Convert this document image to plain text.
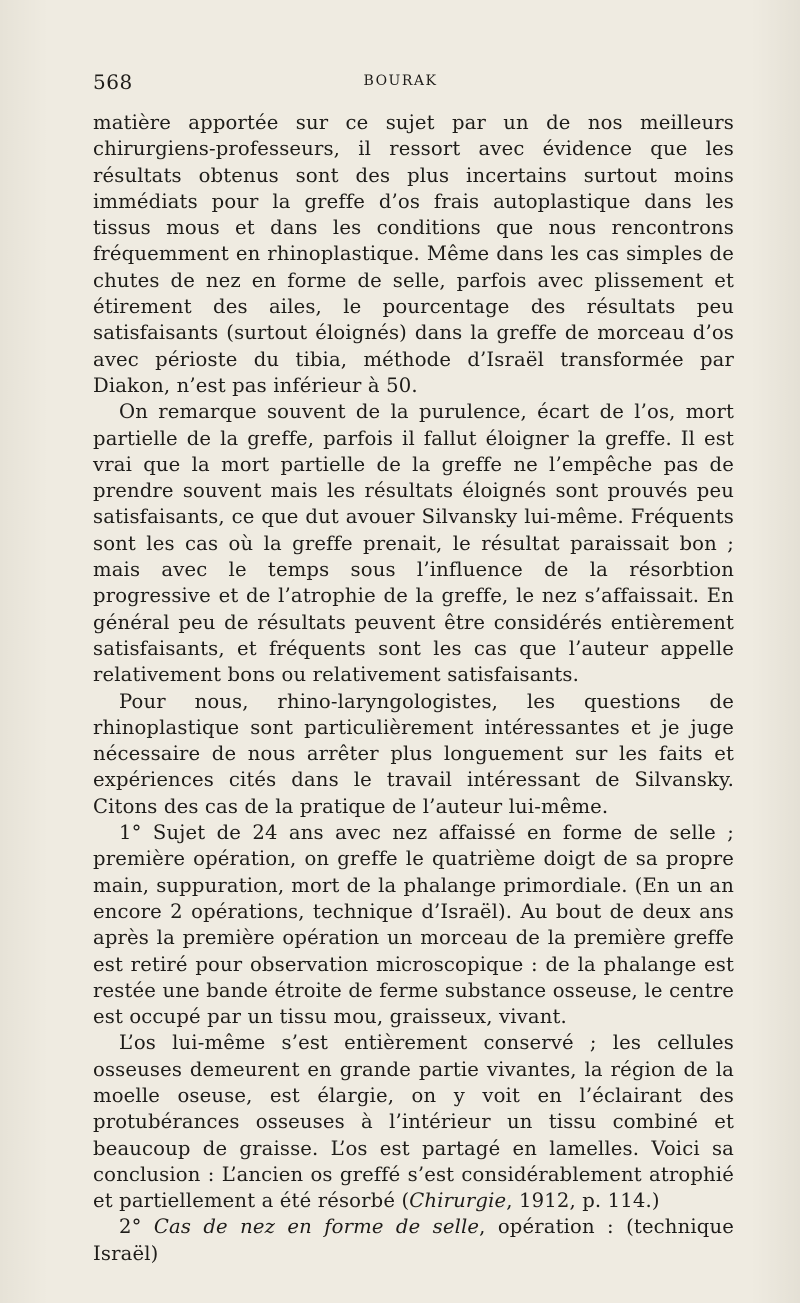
568	BOURAK

matière apportée sur ce sujet par un de nos meilleurs chirurgiens-professeurs, il ressort avec évidence que les résultats obtenus sont des plus incertains surtout moins immédiats pour la greffe d’os frais autoplastique dans les tissus mous et dans les conditions que nous rencontrons fréquemment en rhinoplastique. Même dans les cas simples de chutes de nez en forme de selle, parfois avec plissement et étirement des ailes, le pourcentage des résultats peu satisfaisants (surtout éloignés) dans la greffe de morceau d’os avec périoste du tibia, méthode d’Israël transformée par Diakon, n’est pas inférieur à 50.

On remarque souvent de la purulence, écart de l’os, mort partielle de la greffe, parfois il fallut éloigner la greffe. Il est vrai que la mort partielle de la greffe ne l’empêche pas de prendre souvent mais les résultats éloignés sont prouvés peu satisfaisants, ce que dut avouer Silvansky lui-même. Fréquents sont les cas où la greffe prenait, le résultat paraissait bon ; mais avec le temps sous l’influence de la résorbtion progressive et de l’atrophie de la greffe, le nez s’affaissait. En général peu de résultats peuvent être considérés entièrement satisfaisants, et fréquents sont les cas que l’auteur appelle relativement bons ou relativement satisfaisants.

Pour nous, rhino-laryngologistes, les questions de rhinoplastique sont particulièrement intéressantes et je juge nécessaire de nous arrêter plus longuement sur les faits et expériences cités dans le travail intéressant de Silvansky. Citons des cas de la pratique de l’auteur lui-même.

1° Sujet de 24 ans avec nez affaissé en forme de selle ; première opération, on greffe le quatrième doigt de sa propre main, suppuration, mort de la phalange primordiale. (En un an encore 2 opérations, technique d’Israël). Au bout de deux ans après la première opération un morceau de la première greffe est retiré pour observation microscopique : de la phalange est restée une bande étroite de ferme substance osseuse, le centre est occupé par un tissu mou, graisseux, vivant.

L’os lui-même s’est entièrement conservé ; les cellules osseuses demeurent en grande partie vivantes, la région de la moelle oseuse, est élargie, on y voit en l’éclairant des protubérances osseuses à l’intérieur un tissu combiné et beaucoup de graisse. L’os est partagé en lamelles. Voici sa conclusion : L’ancien os greffé s’est considérablement atrophié et partiellement a été résorbé (Chirurgie, 1912, p. 114.)

2° Cas de nez en forme de selle, opération : (technique Israël)
